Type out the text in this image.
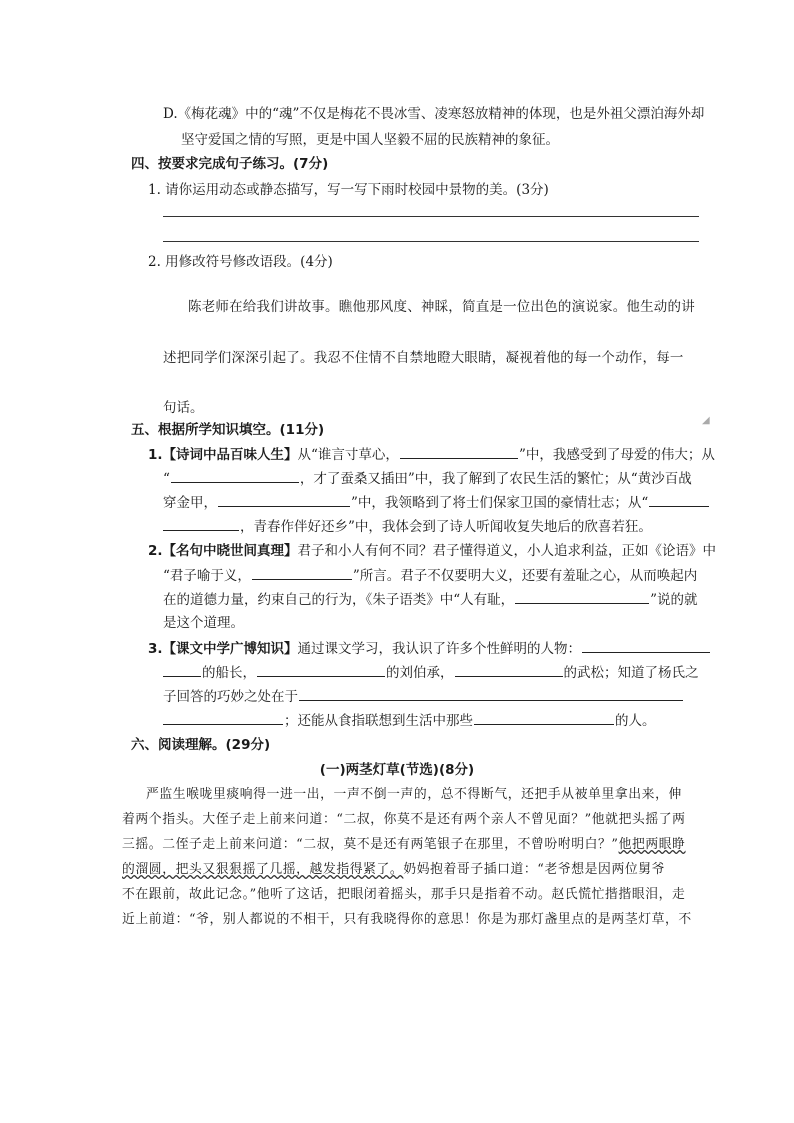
D.《梅花魂》中的“魂”不仅是梅花不畏冰雪、凌寒怒放精神的体现，也是外祖父漂泊海外却
坚守爱国之情的写照，更是中国人坚毅不屈的民族精神的象征。
四、按要求完成句子练习。(7分)
1. 请你运用动态或静态描写，写一写下雨时校园中景物的美。(3分)
2. 用修改符号修改语段。(4分)
陈老师在给我们讲故事。瞧他那风度、神睬，简直是一位出色的演说家。他生动的讲
述把同学们深深引起了。我忍不住情不自禁地瞪大眼睛，凝视着他的每一个动作，每一
句话。
◢
五、根据所学知识填空。(11分)
1.【诗词中品百味人生】从“谁言寸草心，	”中，我感受到了母爱的伟大；从
“	，才了蚕桑又插田”中，我了解到了农民生活的繁忙；从“黄沙百战
穿金甲，	”中，我领略到了将士们保家卫国的豪情壮志；从“
，青春作伴好还乡”中，我体会到了诗人听闻收复失地后的欣喜若狂。
2.【名句中晓世间真理】君子和小人有何不同？君子懂得道义，小人追求利益，正如《论语》中
“君子喻于义，	”所言。君子不仅要明大义，还要有羞耻之心，从而唤起内
在的道德力量，约束自己的行为，《朱子语类》中“人有耻，	”说的就
是这个道理。
3.【课文中学广博知识】通过课文学习，我认识了许多个性鲜明的人物：
的船长，	的刘伯承，	的武松；知道了杨氏之
子回答的巧妙之处在于
；还能从食指联想到生活中那些	的人。
六、阅读理解。(29分)
(一)两茎灯草(节选)(8分)
严监生喉咙里痰响得一进一出，一声不倒一声的，总不得断气，还把手从被单里拿出来，伸
着两个指头。大侄子走上前来问道：“二叔，你莫不是还有两个亲人不曾见面？”他就把头摇了两
三摇。二侄子走上前来问道：“二叔，莫不是还有两笔银子在那里，不曾吩咐明白？”他把两眼睁
的溜圆，把头又狠狠摇了几摇，越发指得紧了。奶妈抱着哥子插口道：“老爷想是因两位舅爷
不在跟前，故此记念。”他听了这话，把眼闭着摇头，那手只是指着不动。赵氏慌忙揩揩眼泪，走
近上前道：“爷，别人都说的不相干，只有我晓得你的意思！你是为那灯盏里点的是两茎灯草，不
